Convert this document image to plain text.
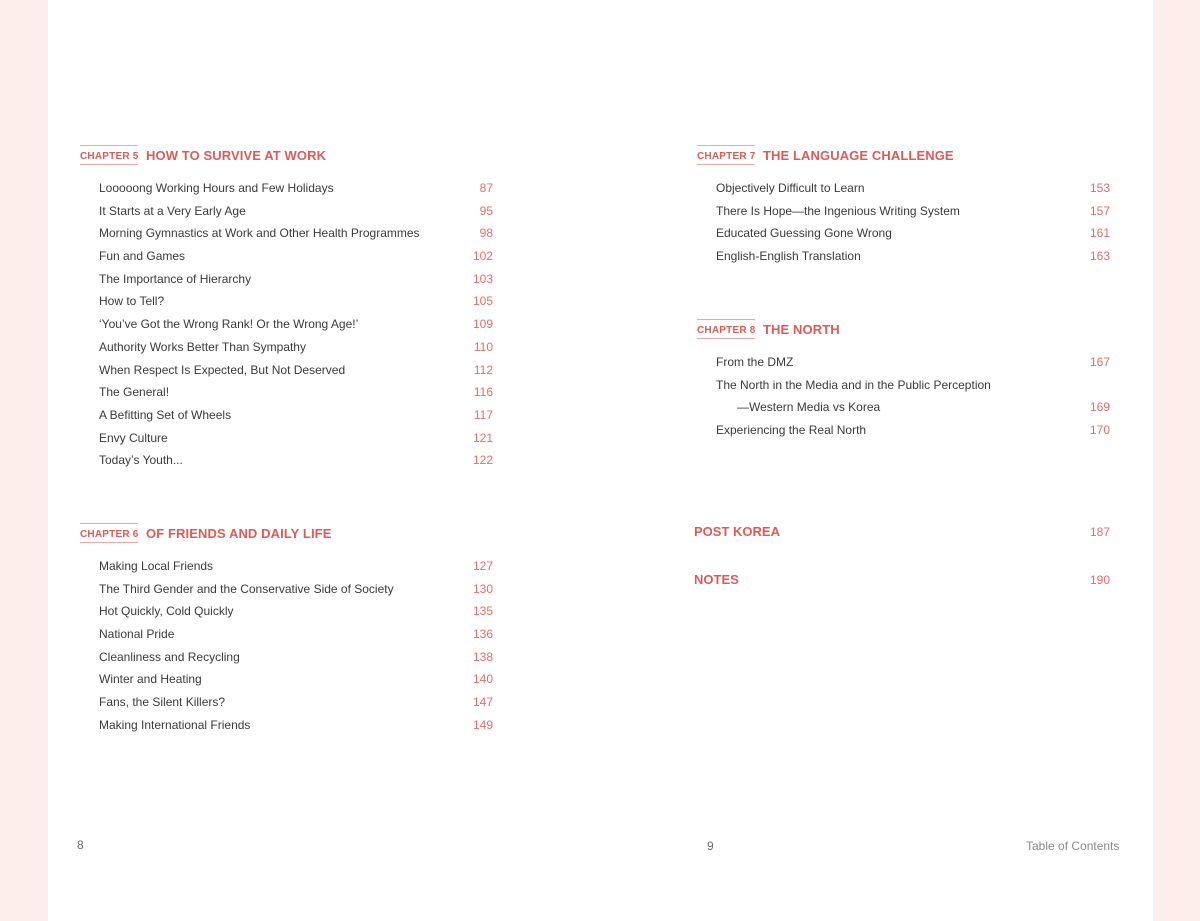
CHAPTER 5 HOW TO SURVIVE AT WORK
Looooong Working Hours and Few Holidays	87
It Starts at a Very Early Age	95
Morning Gymnastics at Work and Other Health Programmes	98
Fun and Games	102
The Importance of Hierarchy	103
How to Tell?	105
‘You’ve Got the Wrong Rank! Or the Wrong Age!’	109
Authority Works Better Than Sympathy	110
When Respect Is Expected, But Not Deserved	112
The General!	116
A Befitting Set of Wheels	117
Envy Culture	121
Today’s Youth...	122
CHAPTER 6 OF FRIENDS AND DAILY LIFE
Making Local Friends	127
The Third Gender and the Conservative Side of Society	130
Hot Quickly, Cold Quickly	135
National Pride	136
Cleanliness and Recycling	138
Winter and Heating	140
Fans, the Silent Killers?	147
Making International Friends	149
CHAPTER 7 THE LANGUAGE CHALLENGE
Objectively Difficult to Learn	153
There Is Hope—the Ingenious Writing System	157
Educated Guessing Gone Wrong	161
English-English Translation	163
CHAPTER 8 THE NORTH
From the DMZ	167
The North in the Media and in the Public Perception
—Western Media vs Korea	169
Experiencing the Real North	170
POST KOREA	187
NOTES	190
8	9	Table of Contents
